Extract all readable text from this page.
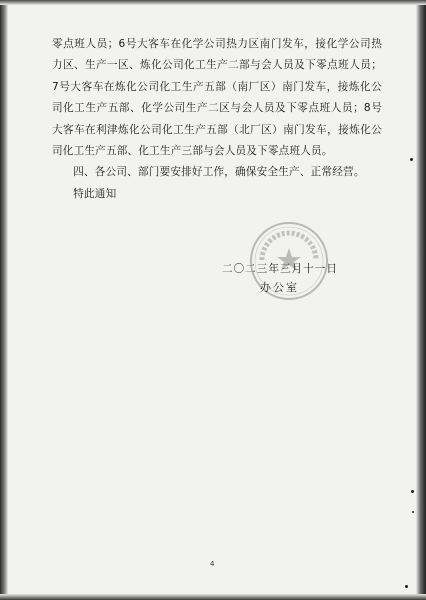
零点班人员；6号大客车在化学公司热力区南门发车，接化学公司热力区、生产一区、炼化公司化工生产二部与会人员及下零点班人员；7号大客车在炼化公司化工生产五部（南厂区）南门发车，接炼化公司化工生产五部、化学公司生产二区与会人员及下零点班人员；8号大客车在利津炼化公司化工生产五部（北厂区）南门发车，接炼化公司化工生产五部、化工生产三部与会人员及下零点班人员。

四、各公司、部门要安排好工作，确保安全生产、正常经营。

特此通知

二〇二三年三月十一日
办公室
4
